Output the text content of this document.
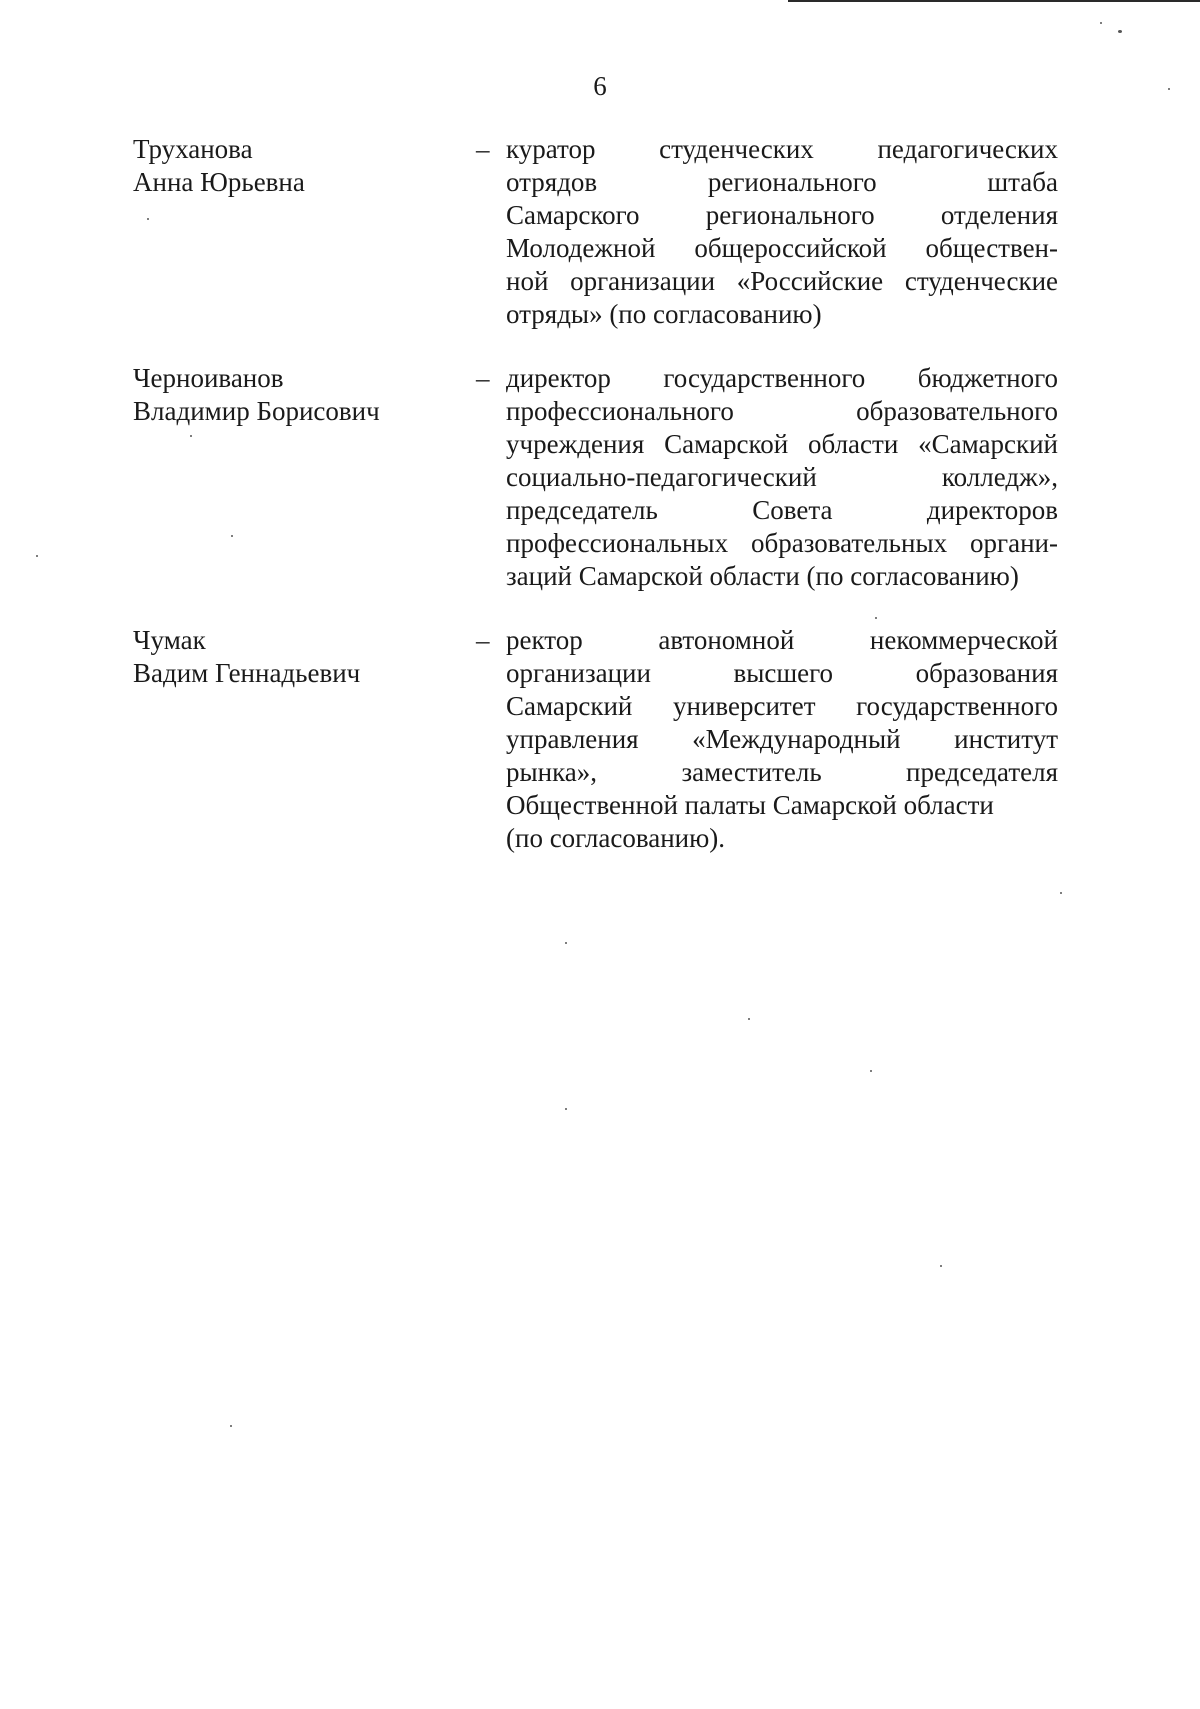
6
Труханова
Анна Юрьевна
– куратор студенческих педагогических
отрядов регионального штаба
Самарского регионального отделения
Молодежной общероссийской обществен-
ной организации «Российские студенческие
отряды» (по согласованию)
Черноиванов
Владимир Борисович
– директор государственного бюджетного
профессионального образовательного
учреждения Самарской области «Самарский
социально-педагогический колледж»,
председатель Совета директоров
профессиональных образовательных органи-
заций Самарской области (по согласованию)
Чумак
Вадим Геннадьевич
– ректор автономной некоммерческой
организации высшего образования
Самарский университет государственного
управления «Международный институт
рынка», заместитель председателя
Общественной палаты Самарской области
(по согласованию).
